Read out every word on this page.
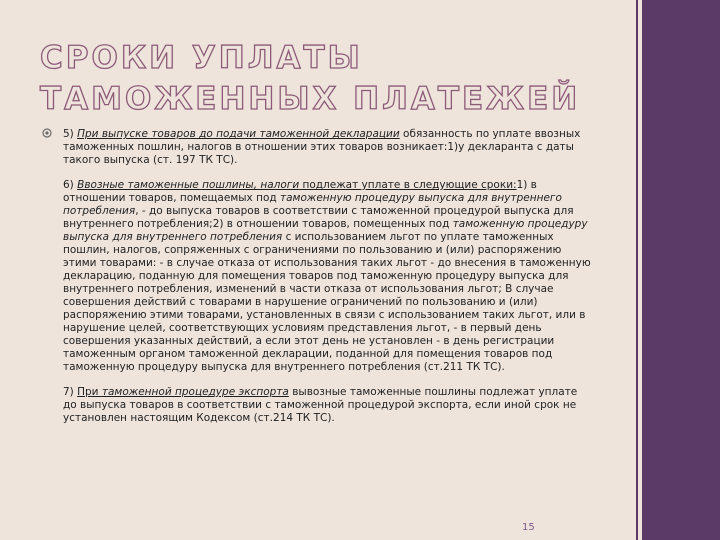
СРОКИ УПЛАТЫ ТАМОЖЕННЫХ ПЛАТЕЖЕЙ

5) При выпуске товаров до подачи таможенной декларации обязанность по уплате ввозных таможенных пошлин, налогов в отношении этих товаров возникает:1)у декларанта с даты такого выпуска (ст. 197 ТК ТС).

6) Ввозные таможенные пошлины, налоги подлежат уплате в следующие сроки:1) в отношении товаров, помещаемых под таможенную процедуру выпуска для внутреннего потребления, - до выпуска товаров в соответствии с таможенной процедурой выпуска для внутреннего потребления;2) в отношении товаров, помещенных под таможенную процедуру выпуска для внутреннего потребления с использованием льгот по уплате таможенных пошлин, налогов, сопряженных с ограничениями по пользованию и (или) распоряжению этими товарами: - в случае отказа от использования таких льгот - до внесения в таможенную декларацию, поданную для помещения товаров под таможенную процедуру выпуска для внутреннего потребления, изменений в части отказа от использования льгот; В случае совершения действий с товарами в нарушение ограничений по пользованию и (или) распоряжению этими товарами, установленных в связи с использованием таких льгот, или в нарушение целей, соответствующих условиям представления льгот, - в первый день совершения указанных действий, а если этот день не установлен - в день регистрации таможенным органом таможенной декларации, поданной для помещения товаров под таможенную процедуру выпуска для внутреннего потребления (ст.211 ТК ТС).

7) При таможенной процедуре экспорта вывозные таможенные пошлины подлежат уплате до выпуска товаров в соответствии с таможенной процедурой экспорта, если иной срок не установлен настоящим Кодексом (ст.214 ТК ТС).

15
